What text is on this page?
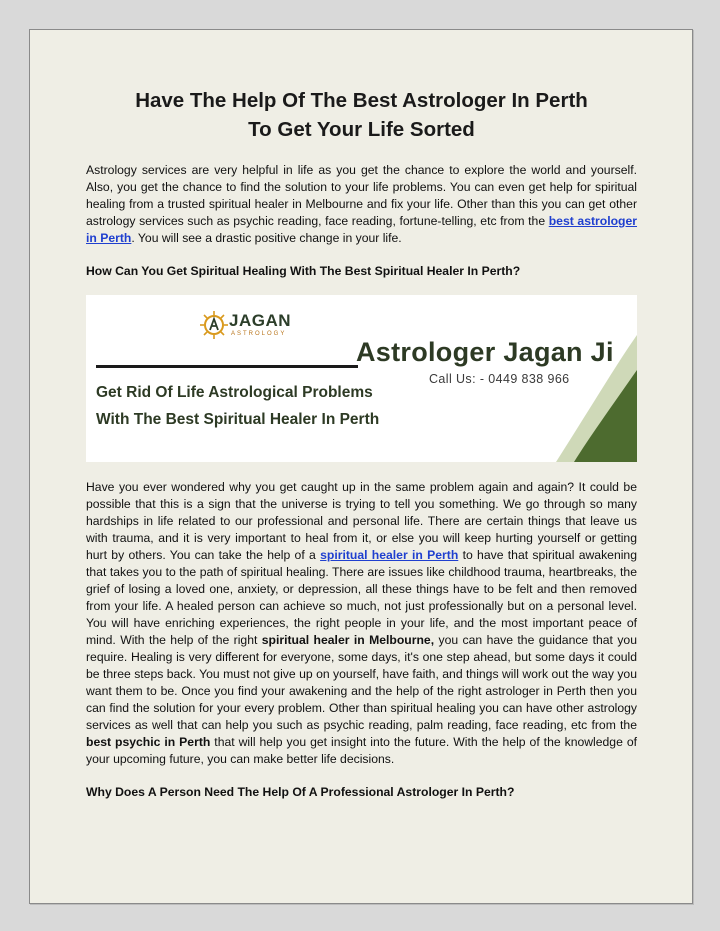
Have The Help Of The Best Astrologer In Perth
To Get Your Life Sorted

Astrology services are very helpful in life as you get the chance to explore the world and yourself. Also, you get the chance to find the solution to your life problems. You can even get help for spiritual healing from a trusted spiritual healer in Melbourne and fix your life. Other than this you can get other astrology services such as psychic reading, face reading, fortune-telling, etc from the best astrologer in Perth. You will see a drastic positive change in your life.

How Can You Get Spiritual Healing With The Best Spiritual Healer In Perth?
JAGAN
ASTROLOGY
Astrologer Jagan Ji
Call Us: - 0449 838 966
Get Rid Of Life Astrological Problems
With The Best Spiritual Healer In Perth

Have you ever wondered why you get caught up in the same problem again and again? It could be possible that this is a sign that the universe is trying to tell you something. We go through so many hardships in life related to our professional and personal life. There are certain things that leave us with trauma, and it is very important to heal from it, or else you will keep hurting yourself or getting hurt by others. You can take the help of a spiritual healer in Perth to have that spiritual awakening that takes you to the path of spiritual healing. There are issues like childhood trauma, heartbreaks, the grief of losing a loved one, anxiety, or depression, all these things have to be felt and then removed from your life. A healed person can achieve so much, not just professionally but on a personal level. You will have enriching experiences, the right people in your life, and the most important peace of mind. With the help of the right spiritual healer in Melbourne, you can have the guidance that you require. Healing is very different for everyone, some days, it's one step ahead, but some days it could be three steps back. You must not give up on yourself, have faith, and things will work out the way you want them to be. Once you find your awakening and the help of the right astrologer in Perth then you can find the solution for your every problem. Other than spiritual healing you can have other astrology services as well that can help you such as psychic reading, palm reading, face reading, etc from the best psychic in Perth that will help you get insight into the future. With the help of the knowledge of your upcoming future, you can make better life decisions.

Why Does A Person Need The Help Of A Professional Astrologer In Perth?
